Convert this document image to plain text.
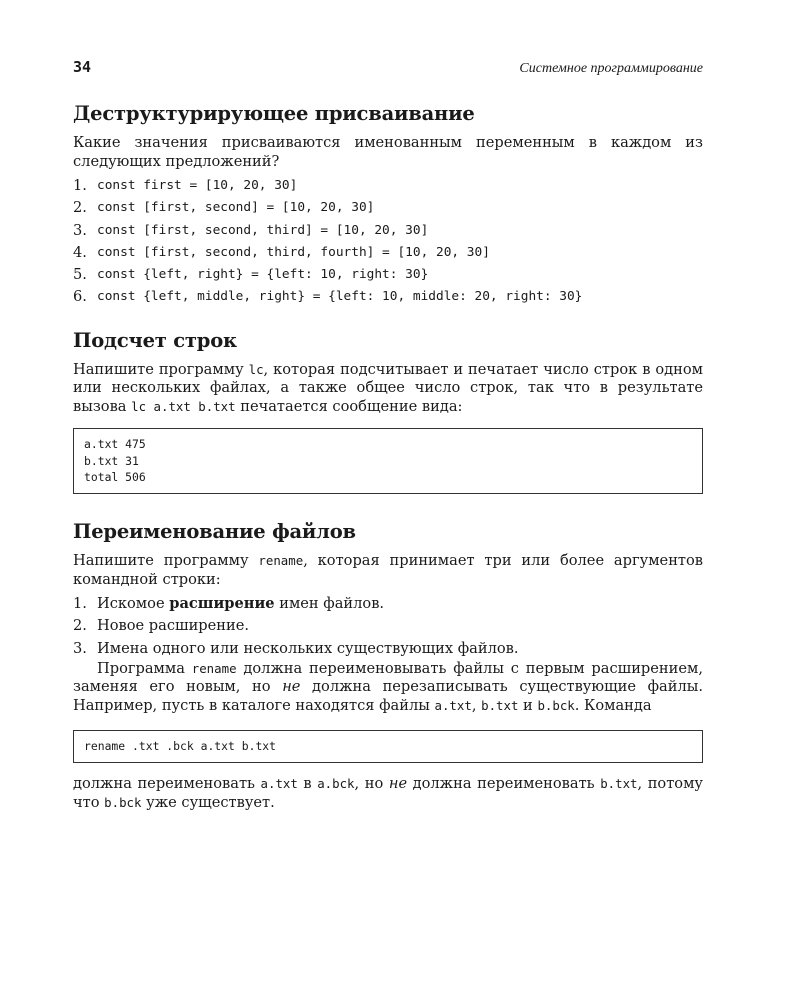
34	Системное программирование
Деструктурирующее присваивание

Какие значения присваиваются именованным переменным в каждом из следующих предложений?

1. const first = [10, 20, 30]
2. const [first, second] = [10, 20, 30]
3. const [first, second, third] = [10, 20, 30]
4. const [first, second, third, fourth] = [10, 20, 30]
5. const {left, right} = {left: 10, right: 30}
6. const {left, middle, right} = {left: 10, middle: 20, right: 30}
Подсчет строк

Напишите программу lc, которая подсчитывает и печатает число строк в одном или нескольких файлах, а также общее число строк, так что в результате вызова lc a.txt b.txt печатается сообщение вида:

a.txt 475
b.txt 31
total 506
Переименование файлов

Напишите программу rename, которая принимает три или более аргументов командной строки:

1. Искомое расширение имен файлов.
2. Новое расширение.
3. Имена одного или нескольких существующих файлов.

Программа rename должна переименовывать файлы с первым расширением, заменяя его новым, но не должна перезаписывать существующие файлы. Например, пусть в каталоге находятся файлы a.txt, b.txt и b.bck. Команда

rename .txt .bck a.txt b.txt

должна переименовать a.txt в a.bck, но не должна переименовать b.txt, потому что b.bck уже существует.
